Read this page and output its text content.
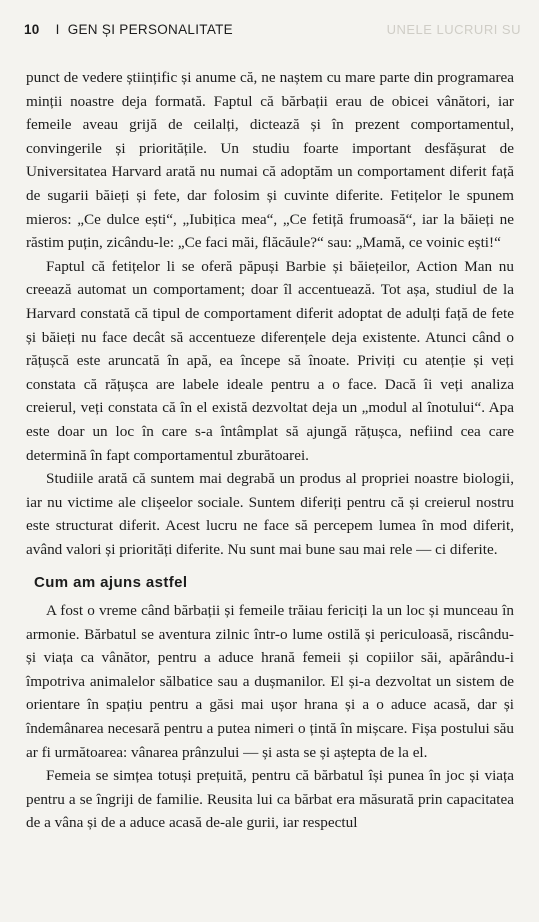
10 I GEN ȘI PERSONALITATE	UNELE LUCRURI SU

punct de vedere științific și anume că, ne naștem cu mare parte din programarea minții noastre deja formată. Faptul că bărbații erau de obicei vânători, iar femeile aveau grijă de ceilalți, dictează și în prezent comportamentul, convingerile și prioritățile. Un studiu foarte important desfășurat de Universitatea Harvard arată nu numai că adoptăm un comportament diferit față de sugarii băieți și fete, dar folosim și cuvinte diferite. Fetițelor le spunem mieros: „Ce dulce ești“, „Iubițica mea“, „Ce fetiță frumoasă“, iar la băieți ne răstim puțin, zicându-le: „Ce faci măi, flăcăule?“ sau: „Mamă, ce voinic ești!“

Faptul că fetițelor li se oferă păpuși Barbie și băiețeilor, Action Man nu creează automat un comportament; doar îl accentuează. Tot așa, studiul de la Harvard constată că tipul de comportament diferit adoptat de adulți față de fete și băieți nu face decât să accentueze diferențele deja existente. Atunci când o rățușcă este aruncată în apă, ea începe să înoate. Priviți cu atenție și veți constata că rățușca are labele ideale pentru a o face. Dacă îi veți analiza creierul, veți constata că în el există dezvoltat deja un „modul al înotului“. Apa este doar un loc în care s-a întâmplat să ajungă rățușca, nefiind cea care determină în fapt comportamentul zburătoarei.

Studiile arată că suntem mai degrabă un produs al propriei noastre biologii, iar nu victime ale clișeelor sociale. Suntem diferiți pentru că și creierul nostru este structurat diferit. Acest lucru ne face să percepem lumea în mod diferit, având valori și priorități diferite. Nu sunt mai bune sau mai rele — ci diferite.

Cum am ajuns astfel

A fost o vreme când bărbații și femeile trăiau fericiți la un loc și munceau în armonie. Bărbatul se aventura zilnic într-o lume ostilă și periculoasă, riscându-și viața ca vânător, pentru a aduce hrană femeii și copiilor săi, apărându-i împotriva animalelor sălbatice sau a dușmanilor. El și-a dezvoltat un sistem de orientare în spațiu pentru a găsi mai ușor hrana și a o aduce acasă, dar și îndemânarea necesară pentru a putea nimeri o țintă în mișcare. Fișa postului său ar fi următoarea: vânarea prânzului — și asta se și aștepta de la el.

Femeia se simțea totuși prețuită, pentru că bărbatul își punea în joc și viața pentru a se îngriji de familie. Reusita lui ca bărbat era măsurată prin capacitatea de a vâna și de a aduce acasă de-ale gurii, iar respectul
